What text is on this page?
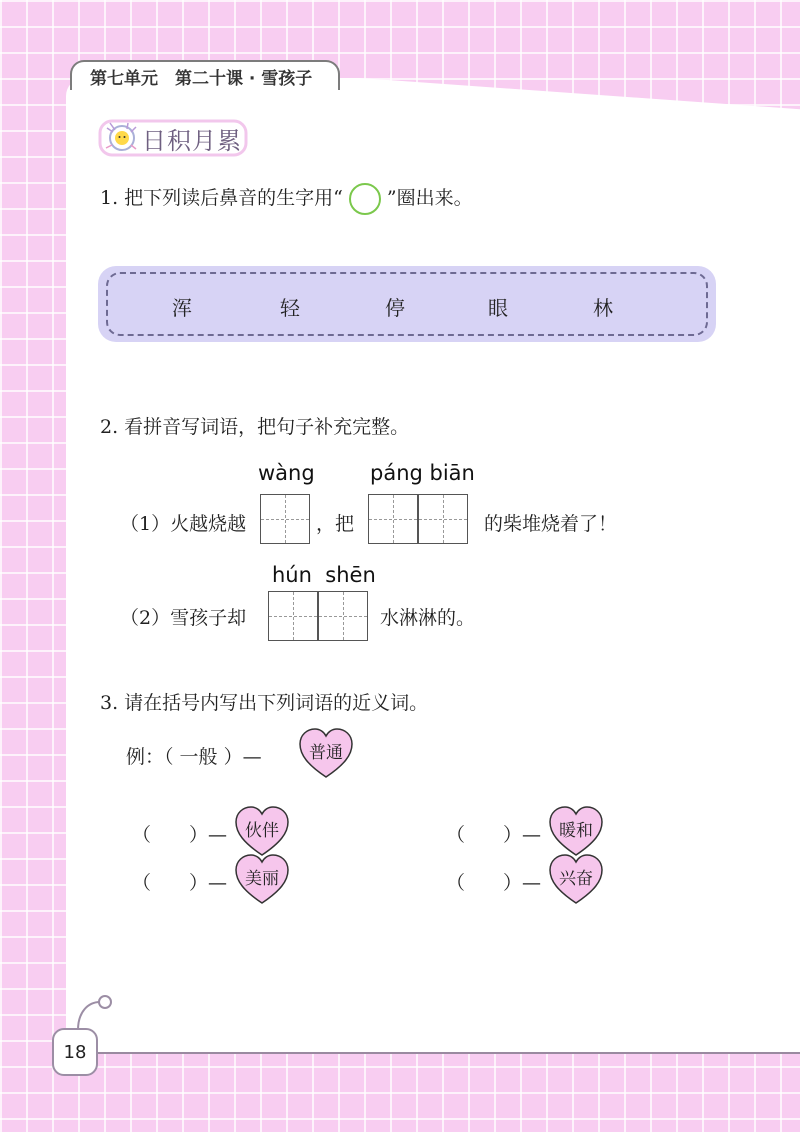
第七单元　第二十课 · 雪孩子
日积月累
1. 把下列读后鼻音的生字用“ ”圈出来。
浑	轻	停	眼	林
2. 看拼音写词语，把句子补充完整。
wàng	páng biān
（1）火越烧越	，把	的柴堆烧着了！
hún  shēn
（2）雪孩子却	水淋淋的。
3. 请在括号内写出下列词语的近义词。
例：（ 一般 ）—	普通
（　　）—	伙伴	（　　）—	暖和
（　　）—	美丽	（　　）—	兴奋
18
